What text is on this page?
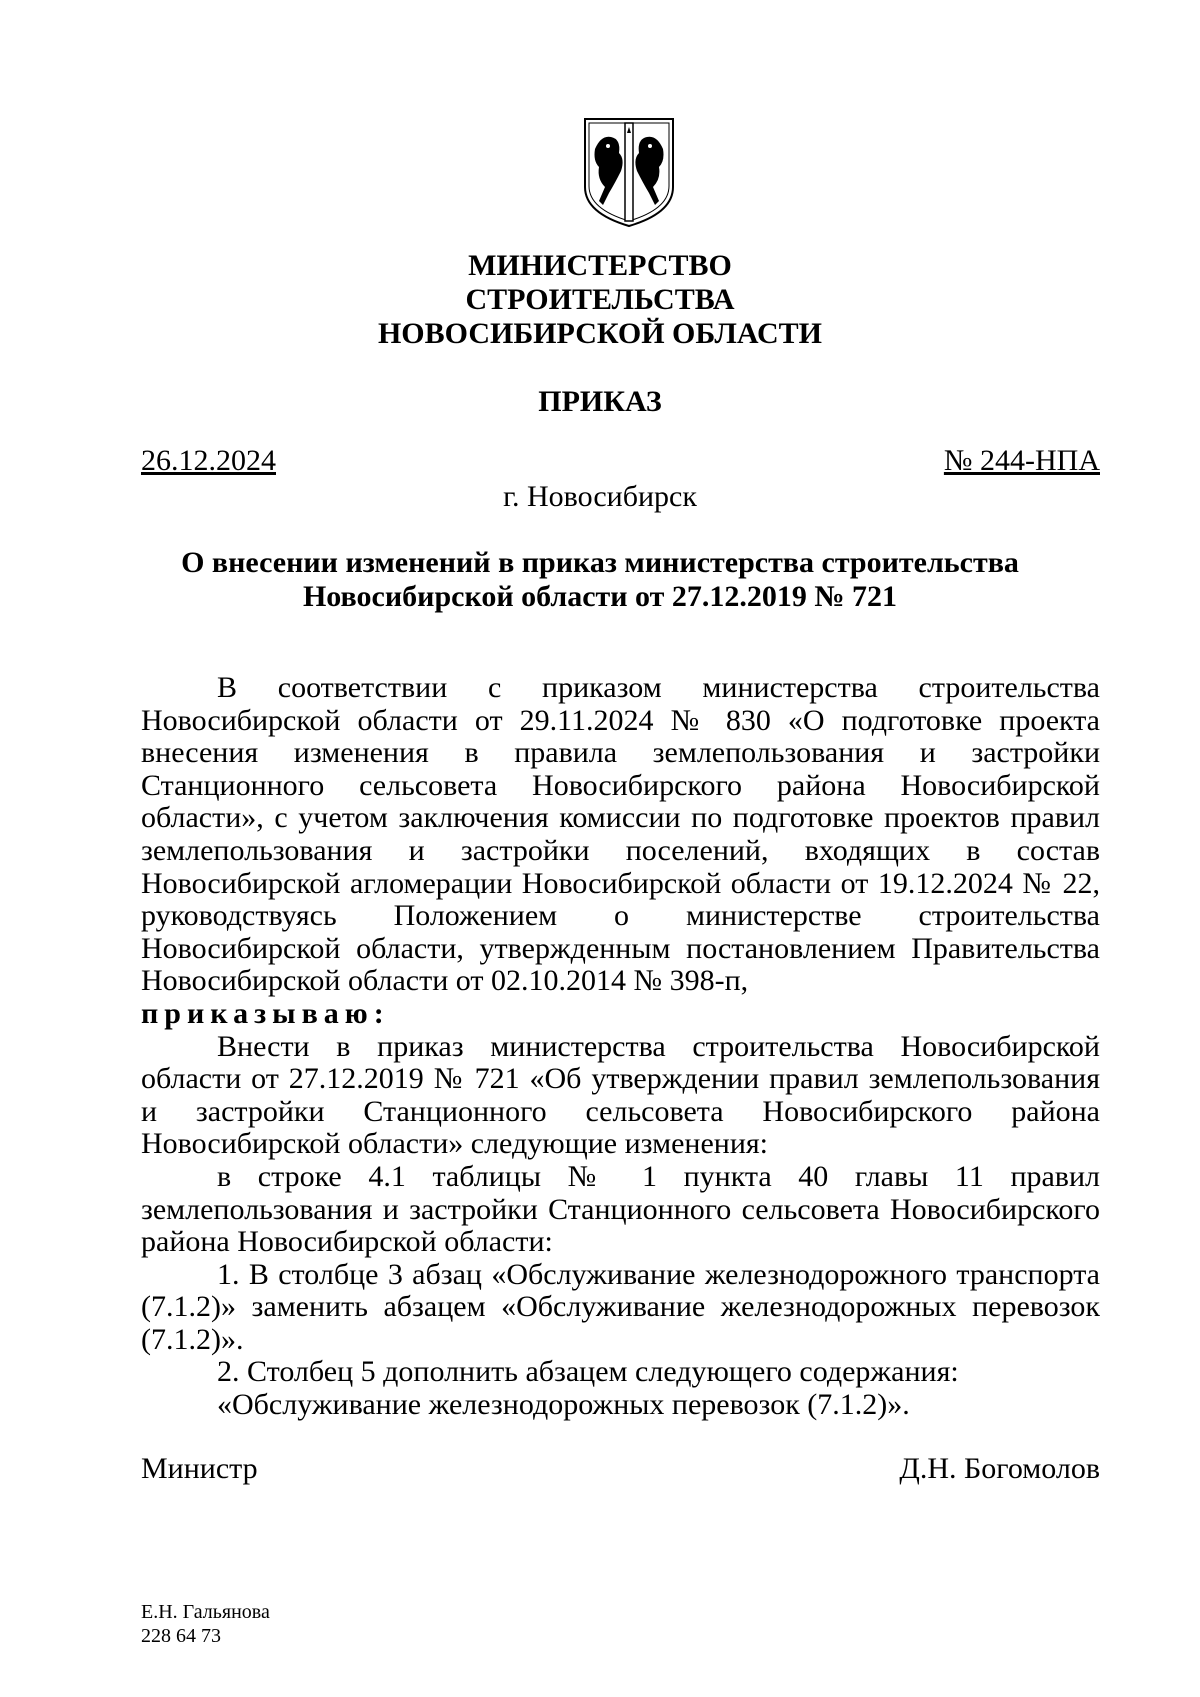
МИНИСТЕРСТВО
СТРОИТЕЛЬСТВА
НОВОСИБИРСКОЙ ОБЛАСТИ
ПРИКАЗ
26.12.2024	№ 244-НПА
г. Новосибирск
О внесении изменений в приказ министерства строительства
Новосибирской области от 27.12.2019 № 721

В соответствии с приказом министерства строительства Новосибирской области от 29.11.2024 № 830 «О подготовке проекта внесения изменения в правила землепользования и застройки Станционного сельсовета Новосибирского района Новосибирской области», с учетом заключения комиссии по подготовке проектов правил землепользования и застройки поселений, входящих в состав Новосибирской агломерации Новосибирской области от 19.12.2024 № 22, руководствуясь Положением о министерстве строительства Новосибирской области, утвержденным постановлением Правительства Новосибирской области от 02.10.2014 № 398-п,

приказываю:

Внести в приказ министерства строительства Новосибирской области от 27.12.2019 № 721 «Об утверждении правил землепользования и застройки Станционного сельсовета Новосибирского района Новосибирской области» следующие изменения:

в строке 4.1 таблицы № 1 пункта 40 главы 11 правил землепользования и застройки Станционного сельсовета Новосибирского района Новосибирской области:

1. В столбце 3 абзац «Обслуживание железнодорожного транспорта (7.1.2)» заменить абзацем «Обслуживание железнодорожных перевозок (7.1.2)».

2. Столбец 5 дополнить абзацем следующего содержания:

«Обслуживание железнодорожных перевозок (7.1.2)».

Министр	Д.Н. Богомолов
Е.Н. Гальянова
228 64 73
